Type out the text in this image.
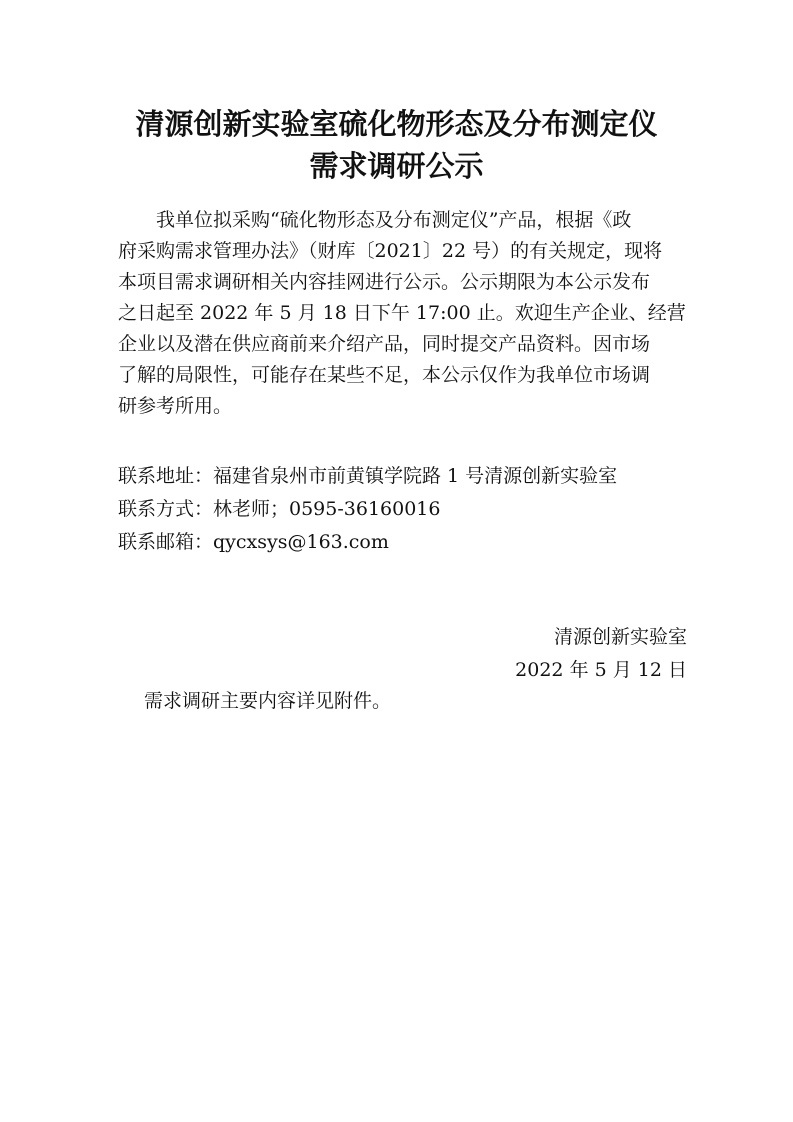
清源创新实验室硫化物形态及分布测定仪
需求调研公示

　　我单位拟采购“硫化物形态及分布测定仪”产品，根据《政

府采购需求管理办法》（财库〔2021〕22 号）的有关规定，现将

本项目需求调研相关内容挂网进行公示。公示期限为本公示发布

之日起至 2022 年 5 月 18 日下午 17:00 止。欢迎生产企业、经营

企业以及潜在供应商前来介绍产品，同时提交产品资料。因市场

了解的局限性，可能存在某些不足，本公示仅作为我单位市场调

研参考所用。

联系地址：福建省泉州市前黄镇学院路 1 号清源创新实验室

联系方式：林老师；0595-36160016

联系邮箱：qycxsys@163.com

清源创新实验室

2022 年 5 月 12 日

需求调研主要内容详见附件。
